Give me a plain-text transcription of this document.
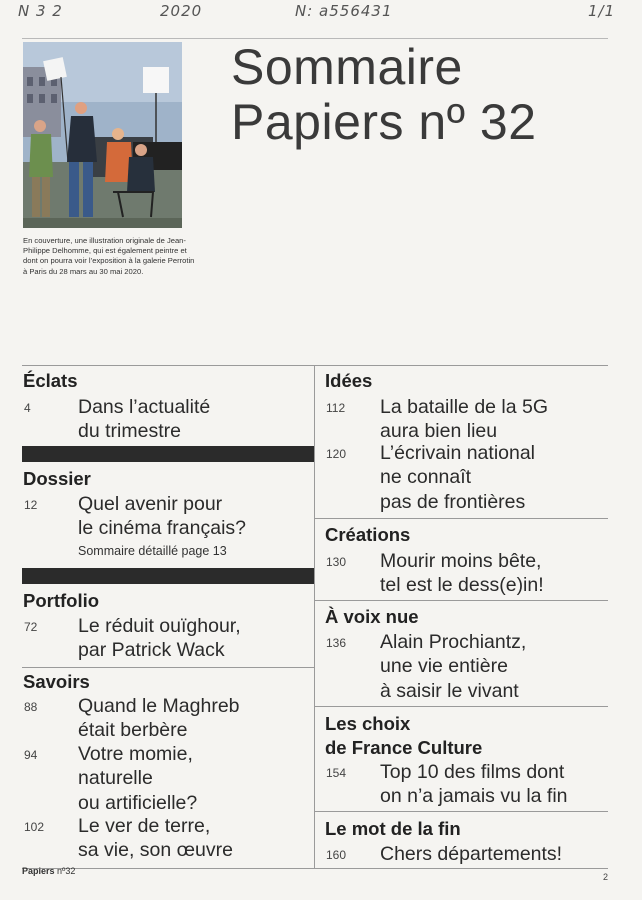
N 3 2	2020	N: a556431	1/1
En couverture, une illustration originale de Jean-Philippe Delhomme, qui est également peintre et dont on pourra voir l’exposition à la galerie Perrotin à Paris du 28 mars au 30 mai 2020.
Sommaire
Papiers nº 32
Éclats
4 Dans l’actualité
du trimestre
Dossier
12 Quel avenir pour
le cinéma français?
Sommaire détaillé page 13
Portfolio
72 Le réduit ouïghour,
par Patrick Wack
Savoirs
88 Quand le Maghreb
était berbère
94 Votre momie,
naturelle
ou artificielle?
102 Le ver de terre,
sa vie, son œuvre
Idées
112 La bataille de la 5G
aura bien lieu
120 L’écrivain national
ne connaît
pas de frontières
Créations
130 Mourir moins bête,
tel est le dess(e)in!
À voix nue
136 Alain Prochiantz,
une vie entière
à saisir le vivant
Les choix
de France Culture
154 Top 10 des films dont
on n’a jamais vu la fin
Le mot de la fin
160 Chers départements!
Papiers nº32
2
